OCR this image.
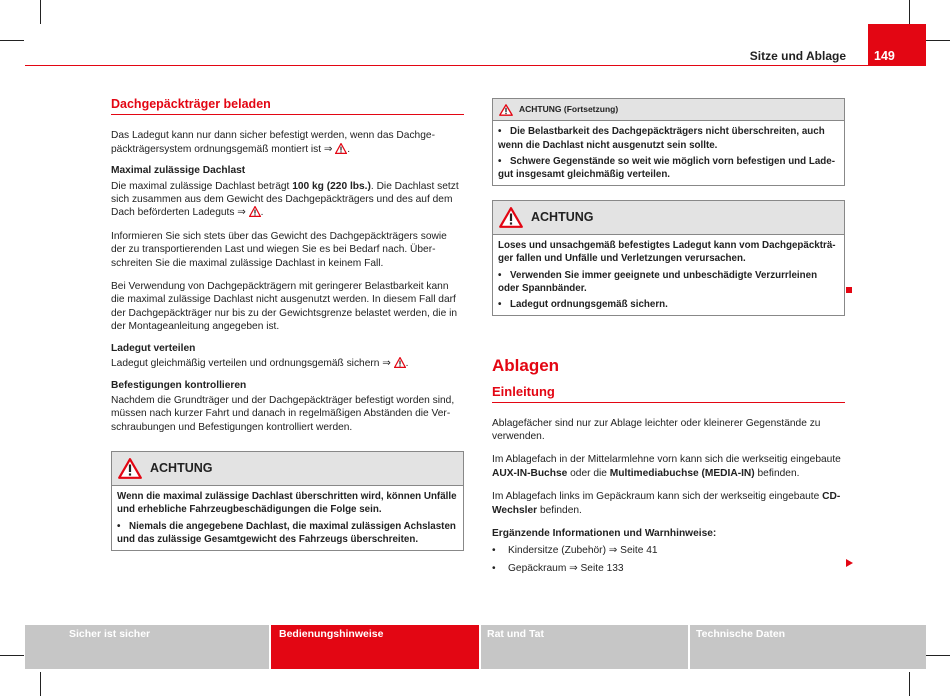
Sitze und Ablage	149
Dachgepäckträger beladen

Das Ladegut kann nur dann sicher befestigt werden, wenn das Dachgepäckträgersystem ordnungsgemäß montiert ist ⇒ .

Maximal zulässige Dachlast

Die maximal zulässige Dachlast beträgt 100 kg (220 lbs.). Die Dachlast setzt sich zusammen aus dem Gewicht des Dachgepäckträgers und des auf dem Dach beförderten Ladeguts ⇒ .

Informieren Sie sich stets über das Gewicht des Dachgepäckträgers sowie der zu transportierenden Last und wiegen Sie es bei Bedarf nach. Überschreiten Sie die maximal zulässige Dachlast in keinem Fall.

Bei Verwendung von Dachgepäckträgern mit geringerer Belastbarkeit kann die maximal zulässige Dachlast nicht ausgenutzt werden. In diesem Fall darf der Dachgepäckträger nur bis zu der Gewichtsgrenze belastet werden, die in der Montageanleitung angegeben ist.

Ladegut verteilen

Ladegut gleichmäßig verteilen und ordnungsgemäß sichern ⇒ .

Befestigungen kontrollieren

Nachdem die Grundträger und der Dachgepäckträger befestigt worden sind, müssen nach kurzer Fahrt und danach in regelmäßigen Abständen die Verschraubungen und Befestigungen kontrolliert werden.

ACHTUNG
Wenn die maximal zulässige Dachlast überschritten wird, können Unfälle und erhebliche Fahrzeugbeschädigungen die Folge sein.
• Niemals die angegebene Dachlast, die maximal zulässigen Achslasten und das zulässige Gesamtgewicht des Fahrzeugs überschreiten.
ACHTUNG (Fortsetzung)
• Die Belastbarkeit des Dachgepäckträgers nicht überschreiten, auch wenn die Dachlast nicht ausgenutzt sein sollte.
• Schwere Gegenstände so weit wie möglich vorn befestigen und Ladegut insgesamt gleichmäßig verteilen.
ACHTUNG
Loses und unsachgemäß befestigtes Ladegut kann vom Dachgepäckträger fallen und Unfälle und Verletzungen verursachen.
• Verwenden Sie immer geeignete und unbeschädigte Verzurrleinen oder Spannbänder.
• Ladegut ordnungsgemäß sichern.
Ablagen
Einleitung

Ablagefächer sind nur zur Ablage leichter oder kleinerer Gegenstände zu verwenden.

Im Ablagefach in der Mittelarmlehne vorn kann sich die werkseitig eingebaute AUX-IN-Buchse oder die Multimediabuchse (MEDIA-IN) befinden.

Im Ablagefach links im Gepäckraum kann sich der werkseitig eingebaute CD-Wechsler befinden.

Ergänzende Informationen und Warnhinweise:
• Kindersitze (Zubehör) ⇒ Seite 41
• Gepäckraum ⇒ Seite 133
Sicher ist sicher	Bedienungshinweise	Rat und Tat	Technische Daten
